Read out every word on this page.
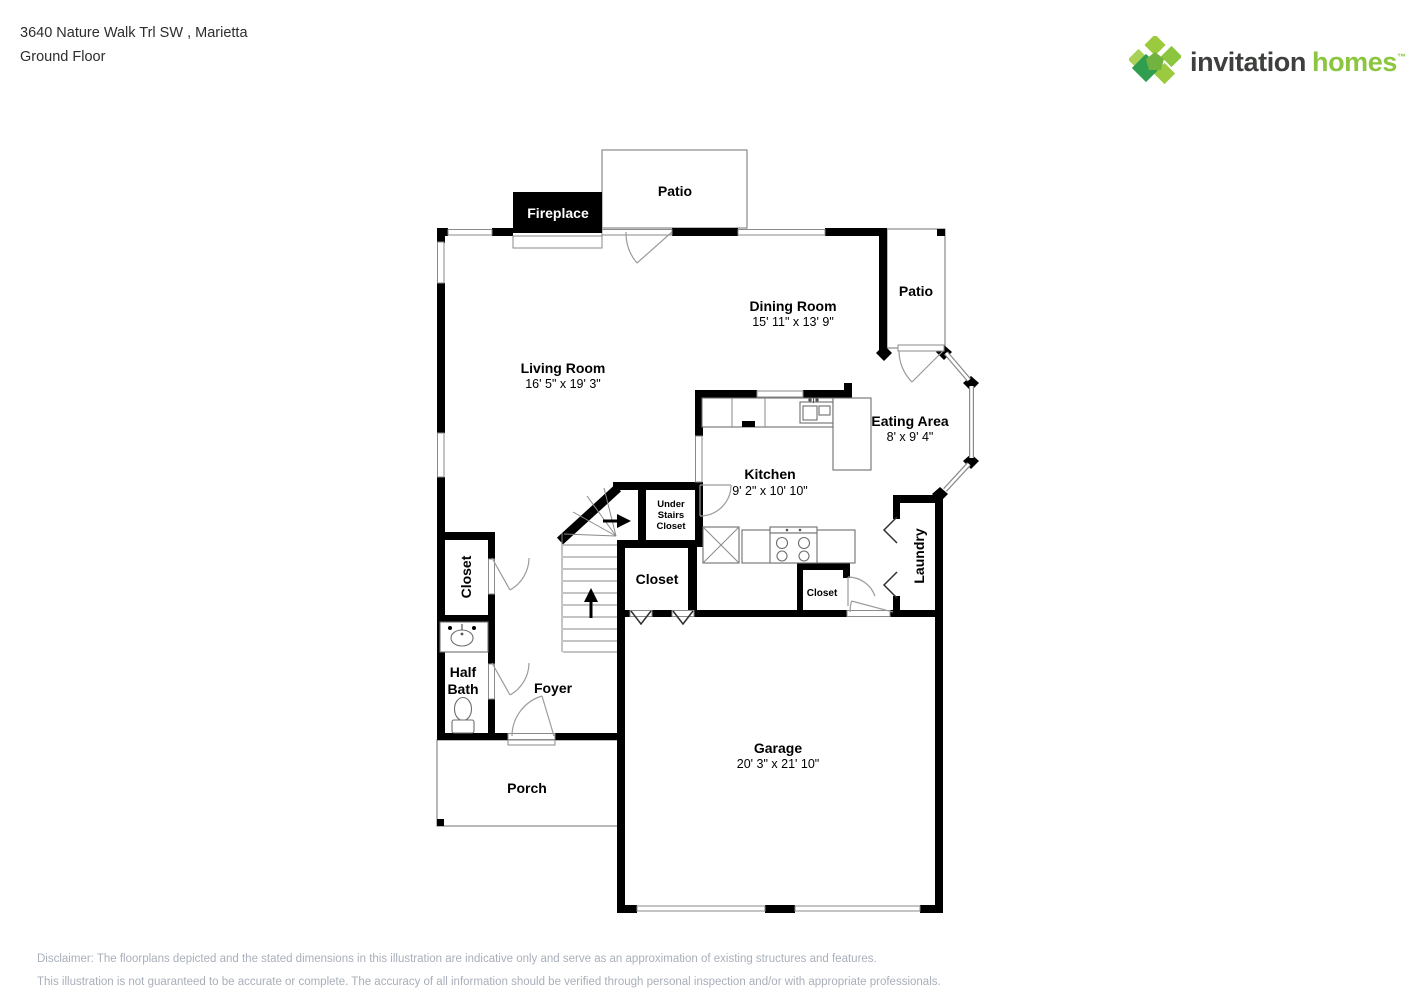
3640 Nature Walk Trl SW , Marietta
Ground Floor	invitation homes™
Living Room
16' 5" x 19' 3"
Dining Room
15' 11" x 13' 9"
Kitchen
9' 2" x 10' 10"
Eating Area
8' x 9' 4"
Garage
20' 3" x 21' 10"
Patio
Patio
Fireplace
Laundry
Closet	Closet
Closet
Under
Stairs
Closet
Half
Bath	Foyer
Porch
Disclaimer: The floorplans depicted and the stated dimensions in this illustration are indicative only and serve as an approximation of existing structures and features.
This illustration is not guaranteed to be accurate or complete. The accuracy of all information should be verified through personal inspection and/or with appropriate professionals.
